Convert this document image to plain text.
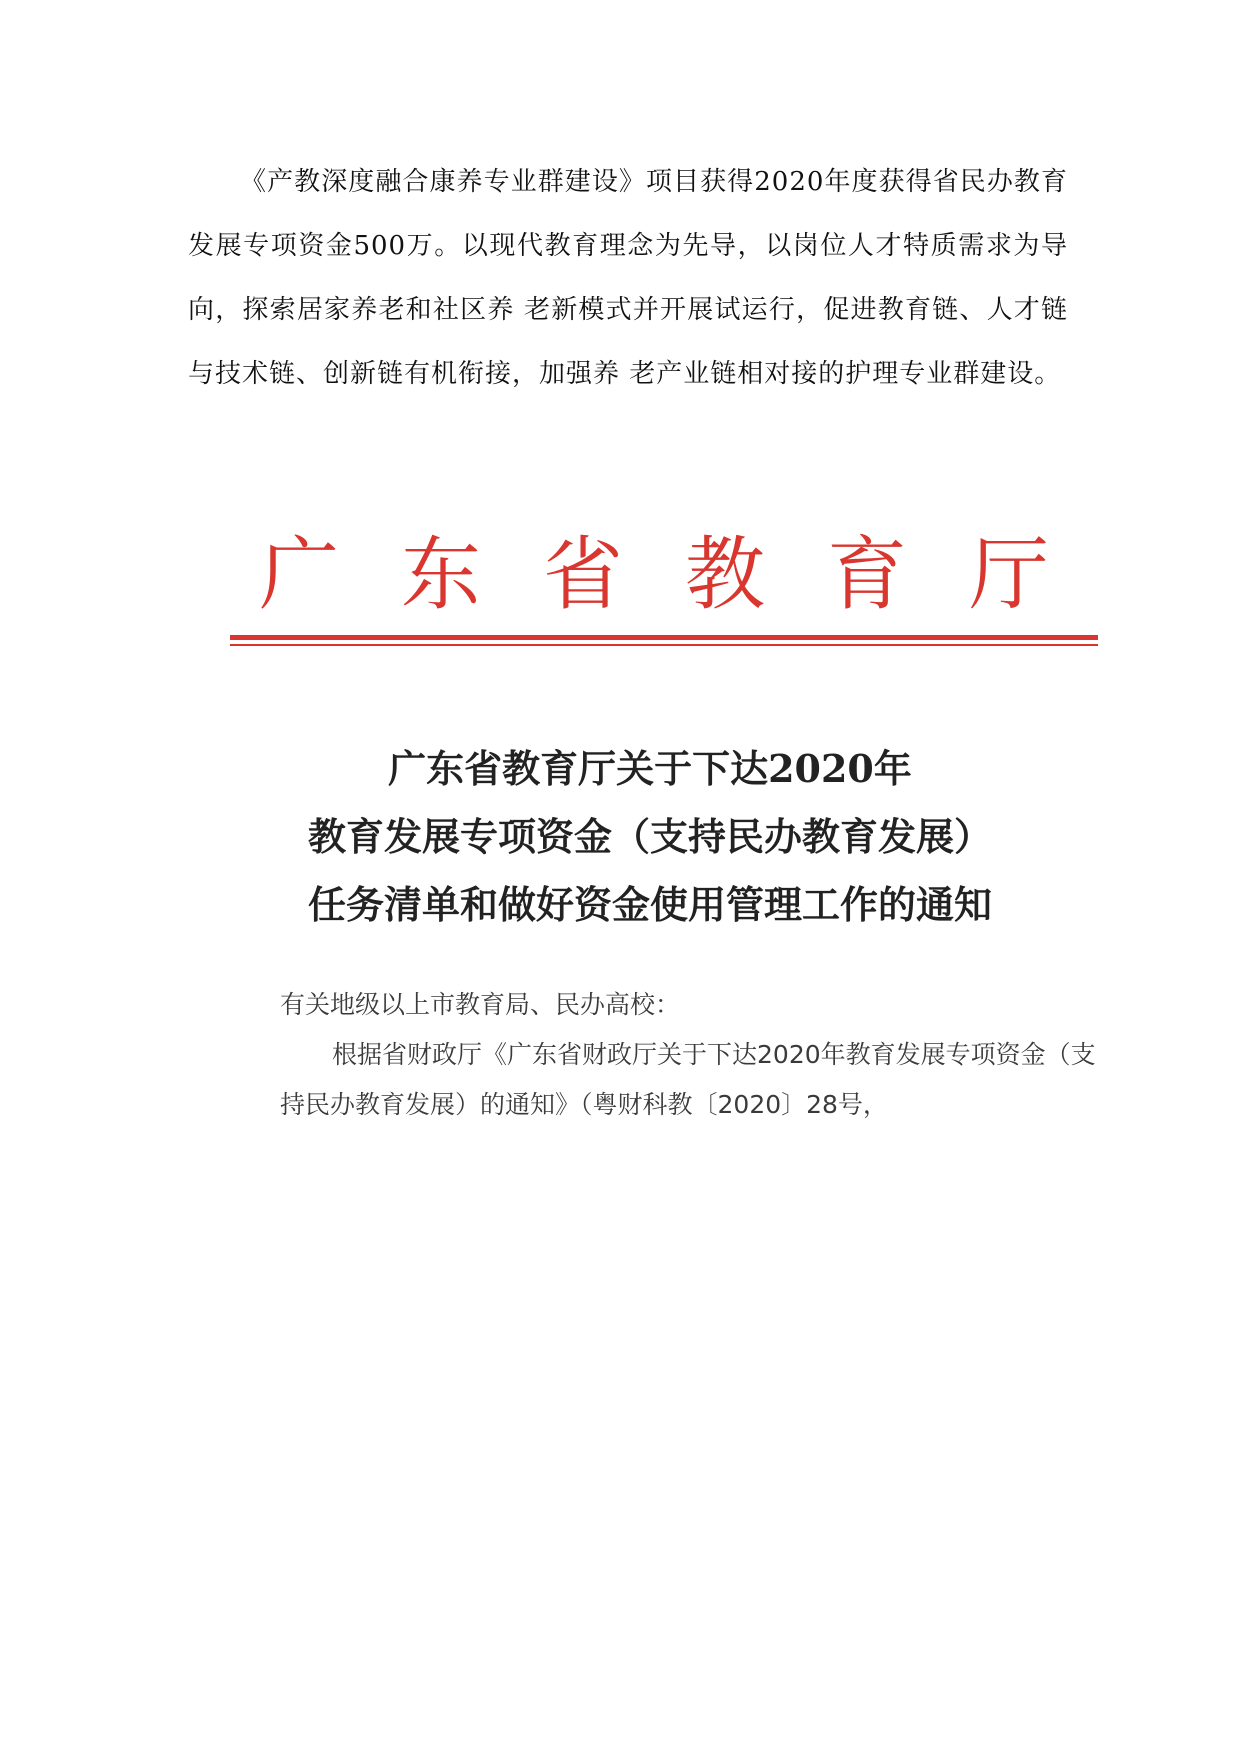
《产教深度融合康养专业群建设》项目获得2020年度获得省民办教育发展专项资金500万。以现代教育理念为先导，以岗位人才特质需求为导向，探索居家养老和社区养 老新模式并开展试运行，促进教育链、人才链与技术链、创新链有机衔接，加强养 老产业链相对接的护理专业群建设。
广 东 省 教 育 厅
广东省教育厅关于下达2020年
教育发展专项资金（支持民办教育发展）
任务清单和做好资金使用管理工作的通知
有关地级以上市教育局、民办高校：
根据省财政厅《广东省财政厅关于下达2020年教育发展专项资金（支持民办教育发展）的通知》（粤财科教〔2020〕28号，
